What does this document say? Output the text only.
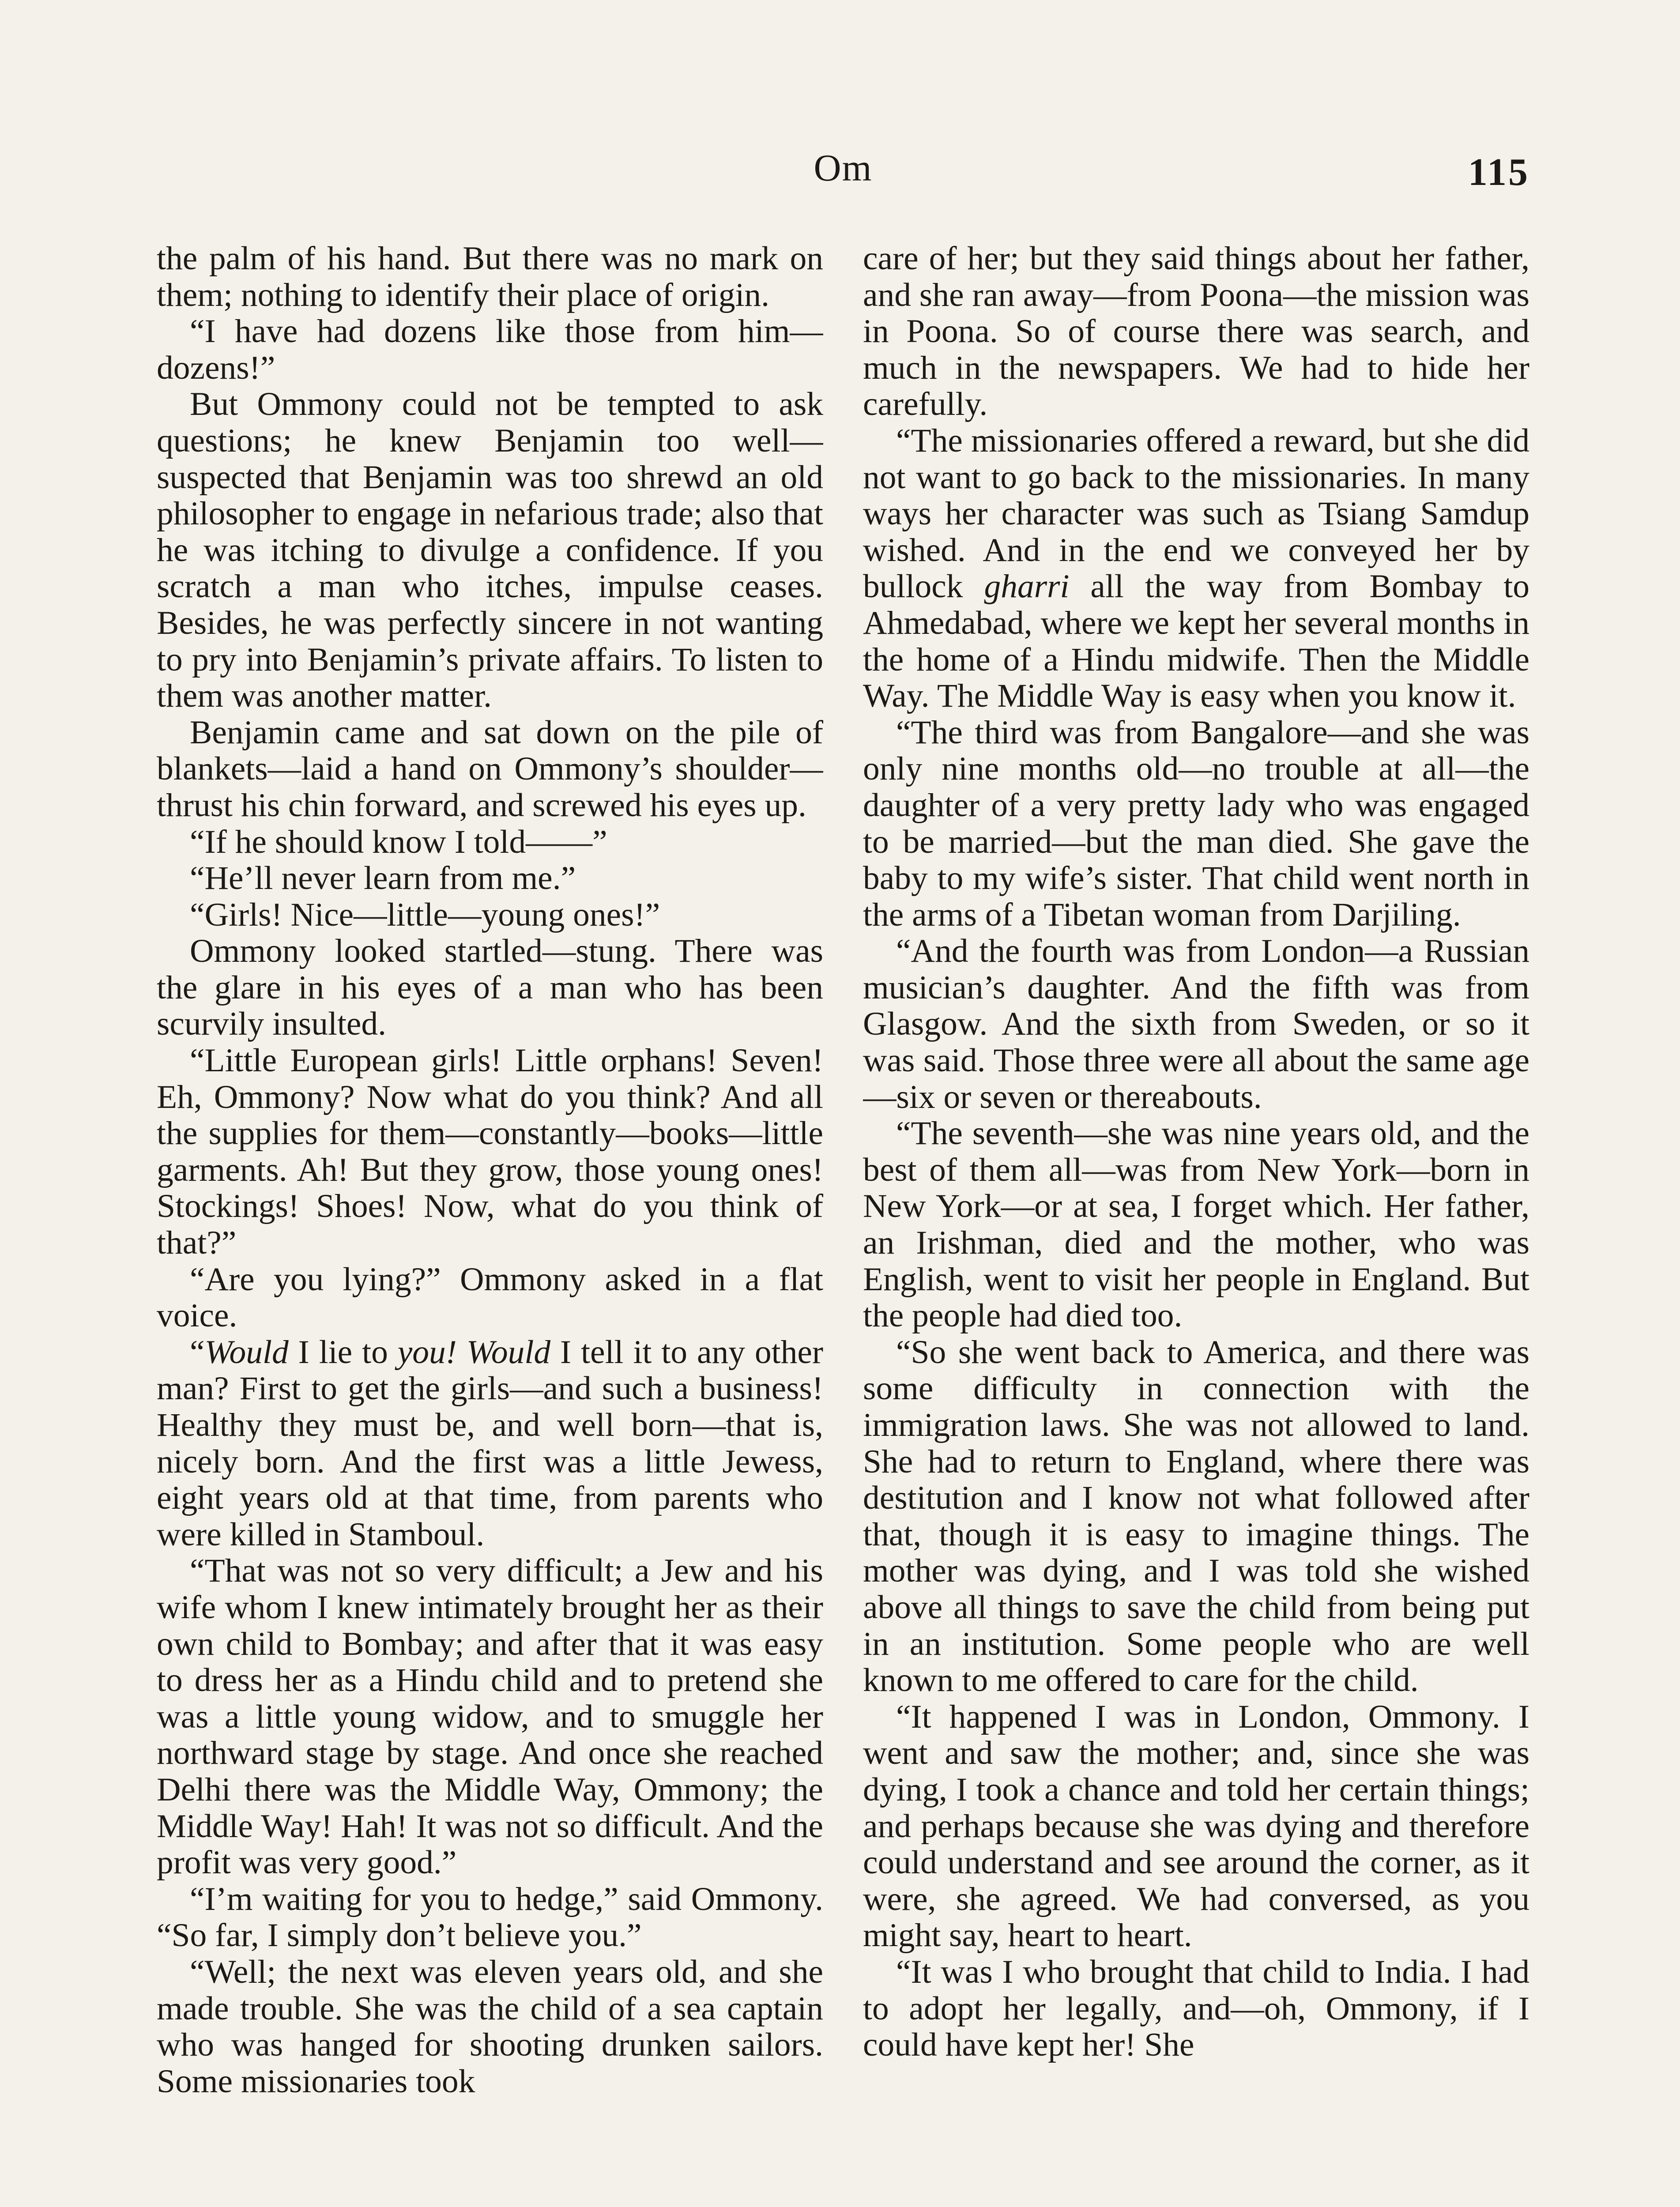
Om	115

the palm of his hand. But there was no mark on them; nothing to identify their place of origin.

“I have had dozens like those from him—dozens!”

But Ommony could not be tempted to ask questions; he knew Benjamin too well—suspected that Benjamin was too shrewd an old philosopher to engage in nefarious trade; also that he was itching to divulge a confidence. If you scratch a man who itches, impulse ceases. Besides, he was perfectly sincere in not wanting to pry into Benjamin’s private affairs. To listen to them was another matter.

Benjamin came and sat down on the pile of blankets—laid a hand on Ommony’s shoulder—thrust his chin forward, and screwed his eyes up.

“If he should know I told——”

“He’ll never learn from me.”

“Girls! Nice—little—young ones!”

Ommony looked startled—stung. There was the glare in his eyes of a man who has been scurvily insulted.

“Little European girls! Little orphans! Seven! Eh, Ommony? Now what do you think? And all the supplies for them—constantly—books—little garments. Ah! But they grow, those young ones! Stockings! Shoes! Now, what do you think of that?”

“Are you lying?” Ommony asked in a flat voice.

“Would I lie to you! Would I tell it to any other man? First to get the girls—and such a business! Healthy they must be, and well born—that is, nicely born. And the first was a little Jewess, eight years old at that time, from parents who were killed in Stamboul.

“That was not so very difficult; a Jew and his wife whom I knew intimately brought her as their own child to Bombay; and after that it was easy to dress her as a Hindu child and to pretend she was a little young widow, and to smuggle her northward stage by stage. And once she reached Delhi there was the Middle Way, Ommony; the Middle Way! Hah! It was not so difficult. And the profit was very good.”

“I’m waiting for you to hedge,” said Ommony. “So far, I simply don’t believe you.”

“Well; the next was eleven years old, and she made trouble. She was the child of a sea captain who was hanged for shooting drunken sailors. Some missionaries took

care of her; but they said things about her father, and she ran away—from Poona—the mission was in Poona. So of course there was search, and much in the newspapers. We had to hide her carefully.

“The missionaries offered a reward, but she did not want to go back to the missionaries. In many ways her character was such as Tsiang Samdup wished. And in the end we conveyed her by bullock gharri all the way from Bombay to Ahmedabad, where we kept her several months in the home of a Hindu midwife. Then the Middle Way. The Middle Way is easy when you know it.

“The third was from Bangalore—and she was only nine months old—no trouble at all—the daughter of a very pretty lady who was engaged to be married—but the man died. She gave the baby to my wife’s sister. That child went north in the arms of a Tibetan woman from Darjiling.

“And the fourth was from London—a Russian musician’s daughter. And the fifth was from Glasgow. And the sixth from Sweden, or so it was said. Those three were all about the same age—six or seven or thereabouts.

“The seventh—she was nine years old, and the best of them all—was from New York—born in New York—or at sea, I forget which. Her father, an Irishman, died and the mother, who was English, went to visit her people in England. But the people had died too.

“So she went back to America, and there was some difficulty in connection with the immigration laws. She was not allowed to land. She had to return to England, where there was destitution and I know not what followed after that, though it is easy to imagine things. The mother was dying, and I was told she wished above all things to save the child from being put in an institution. Some people who are well known to me offered to care for the child.

“It happened I was in London, Ommony. I went and saw the mother; and, since she was dying, I took a chance and told her certain things; and perhaps because she was dying and therefore could understand and see around the corner, as it were, she agreed. We had conversed, as you might say, heart to heart.

“It was I who brought that child to India. I had to adopt her legally, and—oh, Ommony, if I could have kept her! She
